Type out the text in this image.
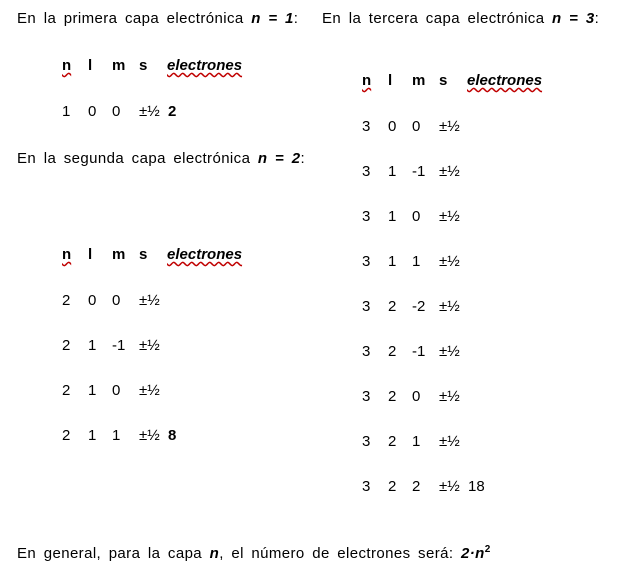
En la primera capa electrónica n = 1: En la tercera capa electrónica n = 3:
n l m s electrones
1 0 0 ±½ 2
En la segunda capa electrónica n = 2:
n l m s electrones
2 0 0 ±½
2 1 -1 ±½
2 1 0 ±½
2 1 1 ±½ 8
n l m s electrones
3 0 0 ±½
3 1 -1 ±½
3 1 0 ±½
3 1 1 ±½
3 2 -2 ±½
3 2 -1 ±½
3 2 0 ±½
3 2 1 ±½
3 2 2 ±½ 18
En general, para la capa n, el número de electrones será: $2\cdot n^2$
